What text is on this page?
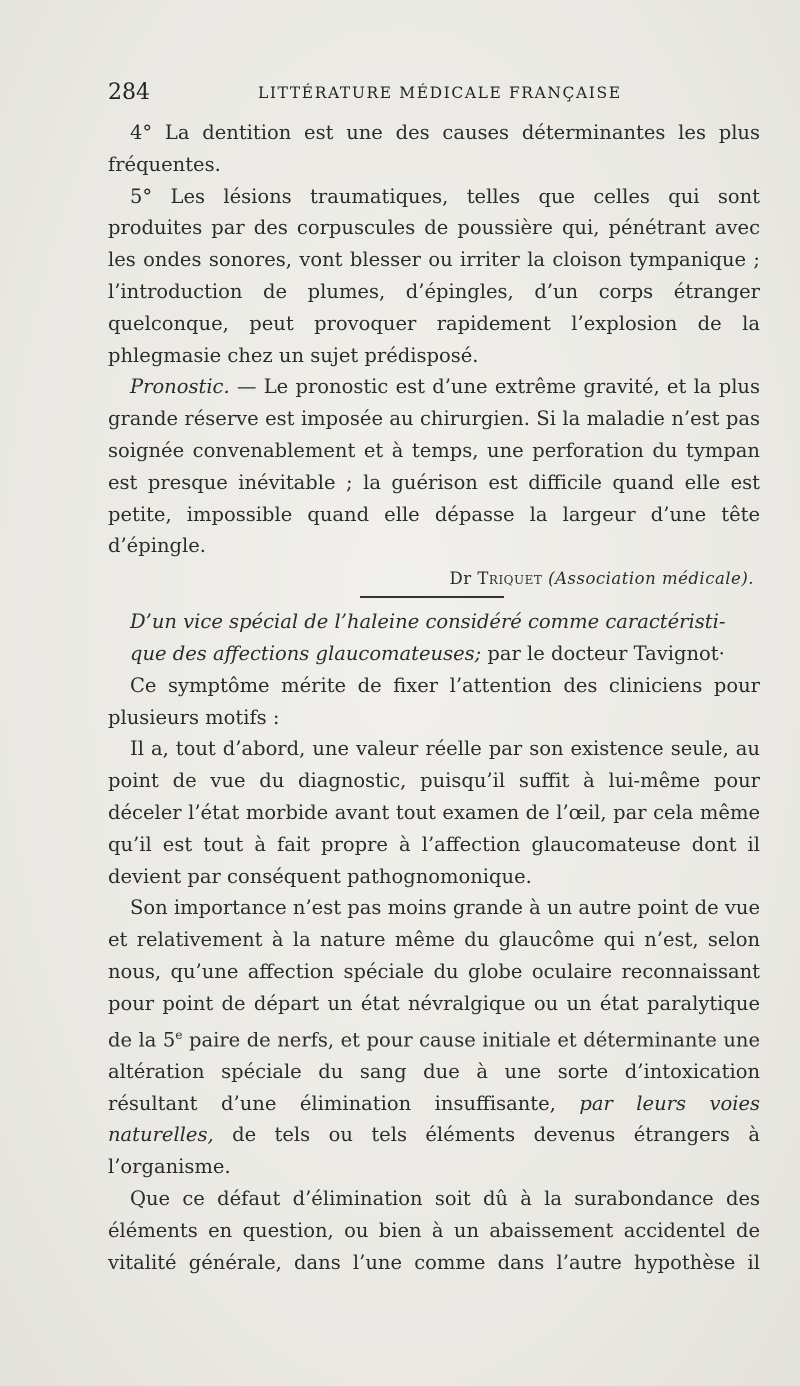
284	LITTÉRATURE MÉDICALE FRANÇAISE

4° La dentition est une des causes déterminantes les plus fréquentes.

5° Les lésions traumatiques, telles que celles qui sont produites par des corpuscules de poussière qui, pénétrant avec les ondes sonores, vont blesser ou irriter la cloison tympanique ; l’introduction de plumes, d’épingles, d’un corps étranger quelconque, peut provoquer rapidement l’explosion de la phlegmasie chez un sujet prédisposé.

Pronostic. — Le pronostic est d’une extrême gravité, et la plus grande réserve est imposée au chirurgien. Si la maladie n’est pas soignée convenablement et à temps, une perforation du tympan est presque inévitable ; la guérison est difficile quand elle est petite, impossible quand elle dépasse la largeur d’une tête d’épingle.

Dr Triquet (Association médicale).

D’un vice spécial de l’haleine considéré comme caractéristi-
que des affections glaucomateuses; par le docteur Tavignot·

Ce symptôme mérite de fixer l’attention des cliniciens pour plusieurs motifs :

Il a, tout d’abord, une valeur réelle par son existence seule, au point de vue du diagnostic, puisqu’il suffit à lui-même pour déceler l’état morbide avant tout examen de l’œil, par cela même qu’il est tout à fait propre à l’affection glaucomateuse dont il devient par conséquent pathognomonique.

Son importance n’est pas moins grande à un autre point de vue et relativement à la nature même du glaucôme qui n’est, selon nous, qu’une affection spéciale du globe oculaire reconnaissant pour point de départ un état névralgique ou un état paralytique de la 5e paire de nerfs, et pour cause initiale et déterminante une altération spéciale du sang due à une sorte d’intoxication résultant d’une élimination insuffisante, par leurs voies naturelles, de tels ou tels éléments devenus étrangers à l’organisme.

Que ce défaut d’élimination soit dû à la surabondance des éléments en question, ou bien à un abaissement accidentel de vitalité générale, dans l’une comme dans l’autre hypothèse il
